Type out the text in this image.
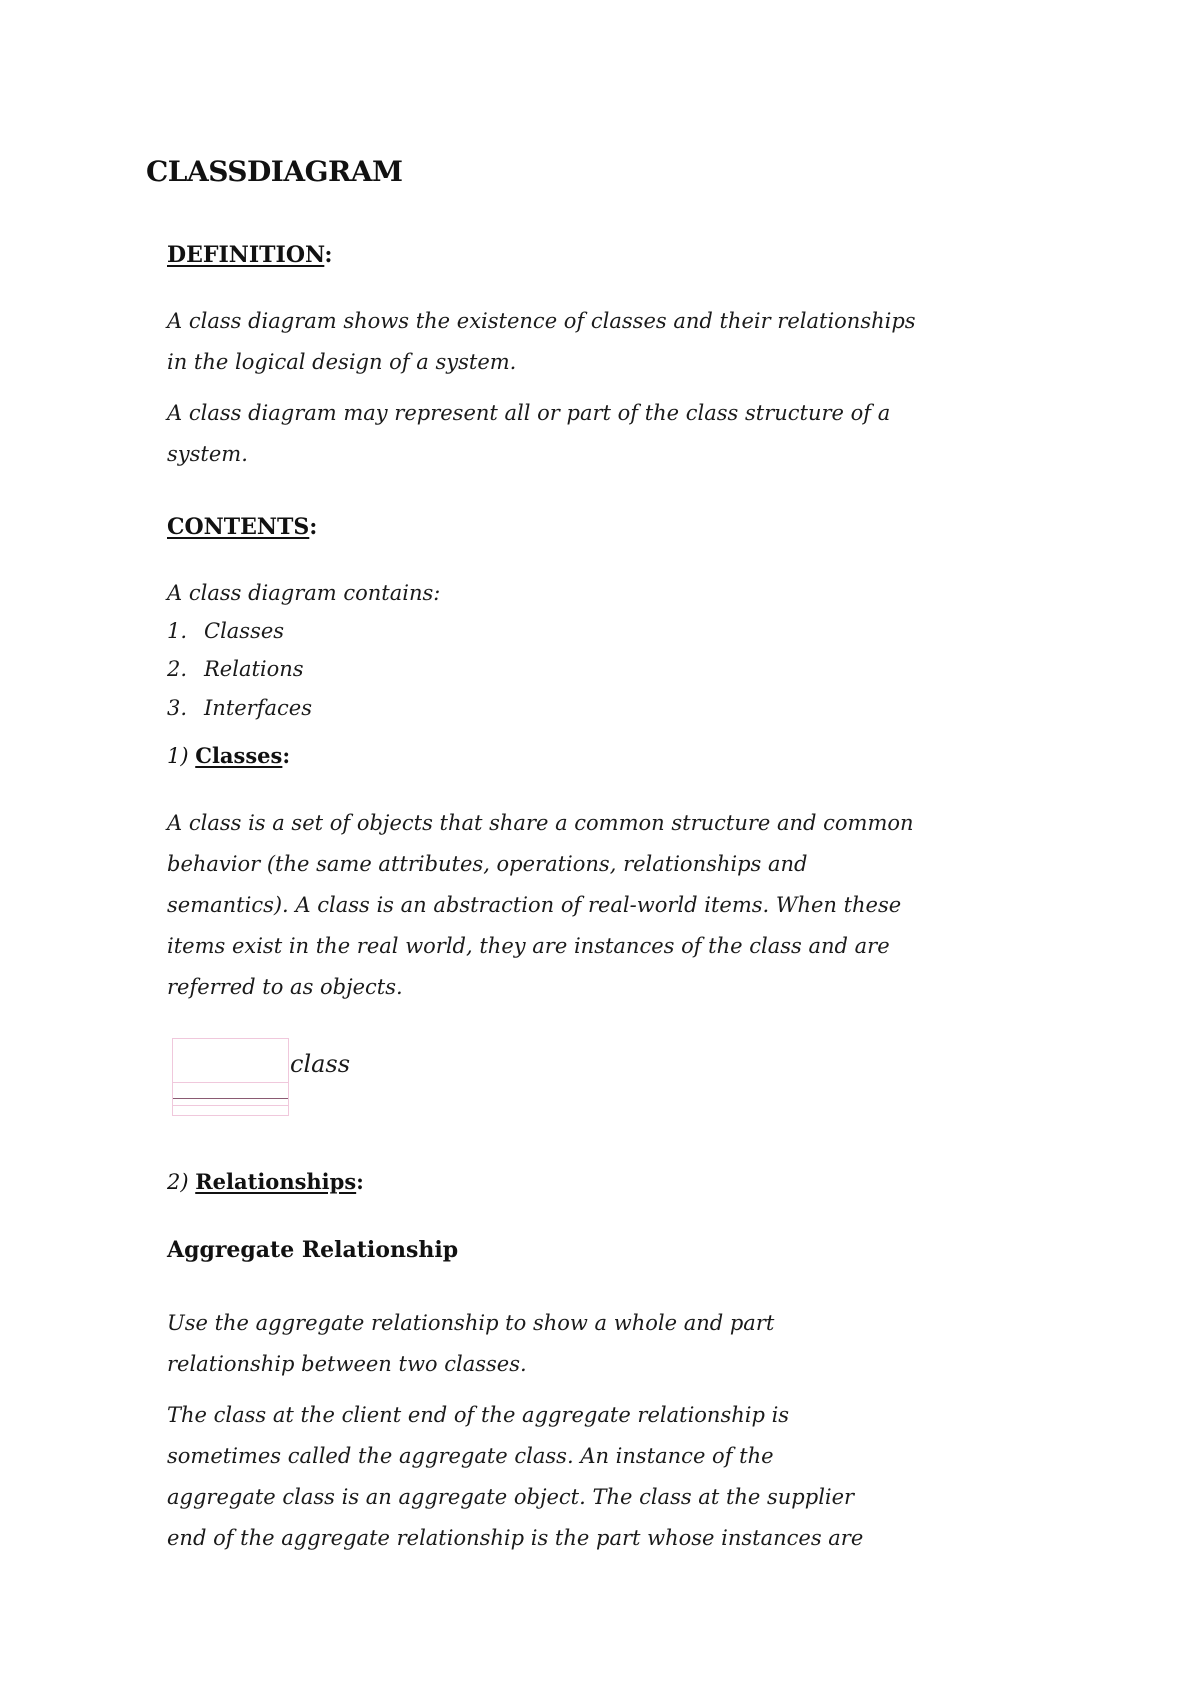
CLASSDIAGRAM
DEFINITION:
A class diagram shows the existence of classes and their relationships
in the logical design of a system.
A class diagram may represent all or part of the class structure of a
system.
CONTENTS:
A class diagram contains:
1. Classes
2. Relations
3. Interfaces
1) Classes:
A class is a set of objects that share a common structure and common
behavior (the same attributes, operations, relationships and
semantics). A class is an abstraction of real-world items. When these
items exist in the real world, they are instances of the class and are
referred to as objects.
class
2) Relationships:
Aggregate Relationship
Use the aggregate relationship to show a whole and part
relationship between two classes.
The class at the client end of the aggregate relationship is
sometimes called the aggregate class. An instance of the
aggregate class is an aggregate object. The class at the supplier
end of the aggregate relationship is the part whose instances are
